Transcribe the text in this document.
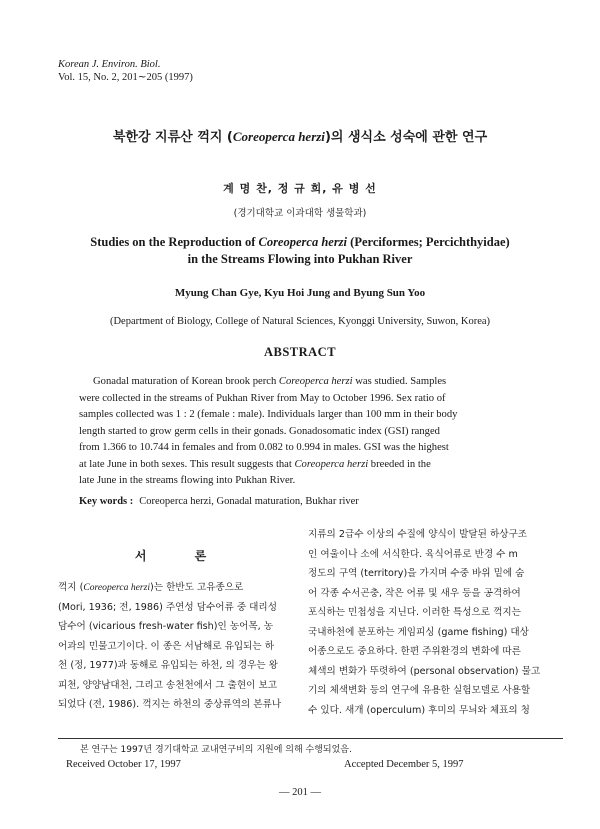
Korean J. Environ. Biol.
Vol. 15, No. 2, 201∼205 (1997)
북한강 지류산 꺽지 (Coreoperca herzi)의 생식소 성숙에 관한 연구
계 명 찬, 정 규 희, 유 병 선
(경기대학교 이과대학 생물학과)
Studies on the Reproduction of Coreoperca herzi (Perciformes; Percichthyidae)
in the Streams Flowing into Pukhan River
Myung Chan Gye, Kyu Hoi Jung and Byung Sun Yoo
(Department of Biology, College of Natural Sciences, Kyonggi University, Suwon, Korea)
ABSTRACT
Gonadal maturation of Korean brook perch Coreoperca herzi was studied. Samples
were collected in the streams of Pukhan River from May to October 1996. Sex ratio of
samples collected was 1 : 2 (female : male). Individuals larger than 100 mm in their body
length started to grow germ cells in their gonads. Gonadosomatic index (GSI) ranged
from 1.366 to 10.744 in females and from 0.082 to 0.994 in males. GSI was the highest
at late June in both sexes. This result suggests that Coreoperca herzi breeded in the
late June in the streams flowing into Pukhan River.
Key words : Coreoperca herzi, Gonadal maturation, Bukhar river
서 론
꺽지 (Coreoperca herzi)는 한반도 고유종으로
(Mori, 1936; 전, 1986) 주연성 담수어류 중 대리성
담수어 (vicarious fresh-water fish)인 농어목, 농
어과의 민물고기이다. 이 종은 서남해로 유입되는 하
천 (정, 1977)과 동해로 유입되는 하천, 의 경우는 왕
피천, 양양남대천, 그리고 송천천에서 그 출현이 보고
되었다 (전, 1986). 꺽지는 하천의 중상류역의 본류나
지류의 2급수 이상의 수질에 양식이 발달된 하상구조
인 여울이나 소에 서식한다. 육식어류로 반경 수 m
정도의 구역 (territory)을 가지며 수중 바위 밑에 숨
어 각종 수서곤충, 작은 어류 및 새우 등을 공격하여
포식하는 민첩성을 지닌다. 이러한 특성으로 꺽지는
국내하천에 분포하는 게임피싱 (game fishing) 대상
어종으로도 중요하다. 한편 주위환경의 변화에 따른
체색의 변화가 뚜렷하여 (personal observation) 물고
기의 체색변화 등의 연구에 유용한 실험모델로 사용할
수 있다. 새개 (operculum) 후미의 무늬와 체표의 청
본 연구는 1997년 경기대학교 교내연구비의 지원에 의해 수행되었음.
Received October 17, 1997	Accepted December 5, 1997
— 201 —
